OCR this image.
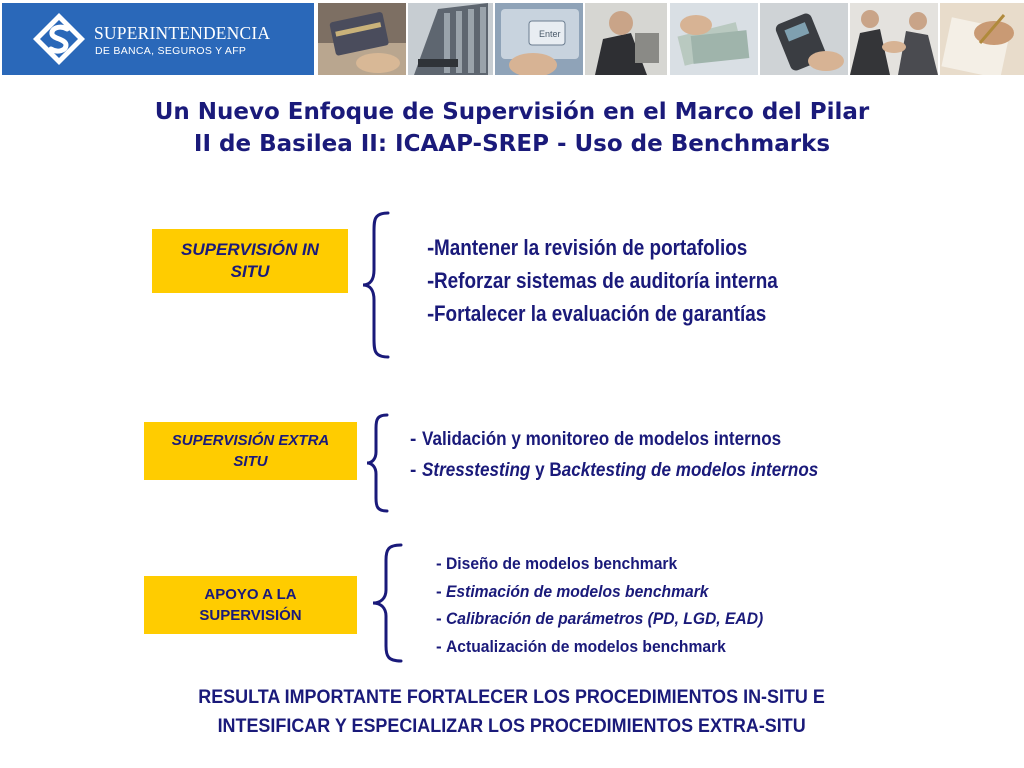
SUPERINTENDENCIA
DE BANCA, SEGUROS Y AFP
Enter
Un Nuevo Enfoque de Supervisión en el Marco del Pilar
II de Basilea II: ICAAP-SREP - Uso de Benchmarks
SUPERVISIÓN IN
SITU
-Mantener la revisión de portafolios
-Reforzar sistemas de auditoría interna
-Fortalecer la evaluación de garantías
SUPERVISIÓN EXTRA
SITU
- Validación y monitoreo de modelos internos
- Stresstesting y Backtesting de modelos internos
APOYO A LA
SUPERVISIÓN
- Diseño de modelos benchmark
- Estimación de modelos benchmark
- Calibración de parámetros (PD, LGD, EAD)
- Actualización de modelos benchmark
RESULTA IMPORTANTE FORTALECER LOS PROCEDIMIENTOS IN-SITU E
INTESIFICAR Y ESPECIALIZAR LOS PROCEDIMIENTOS EXTRA-SITU
